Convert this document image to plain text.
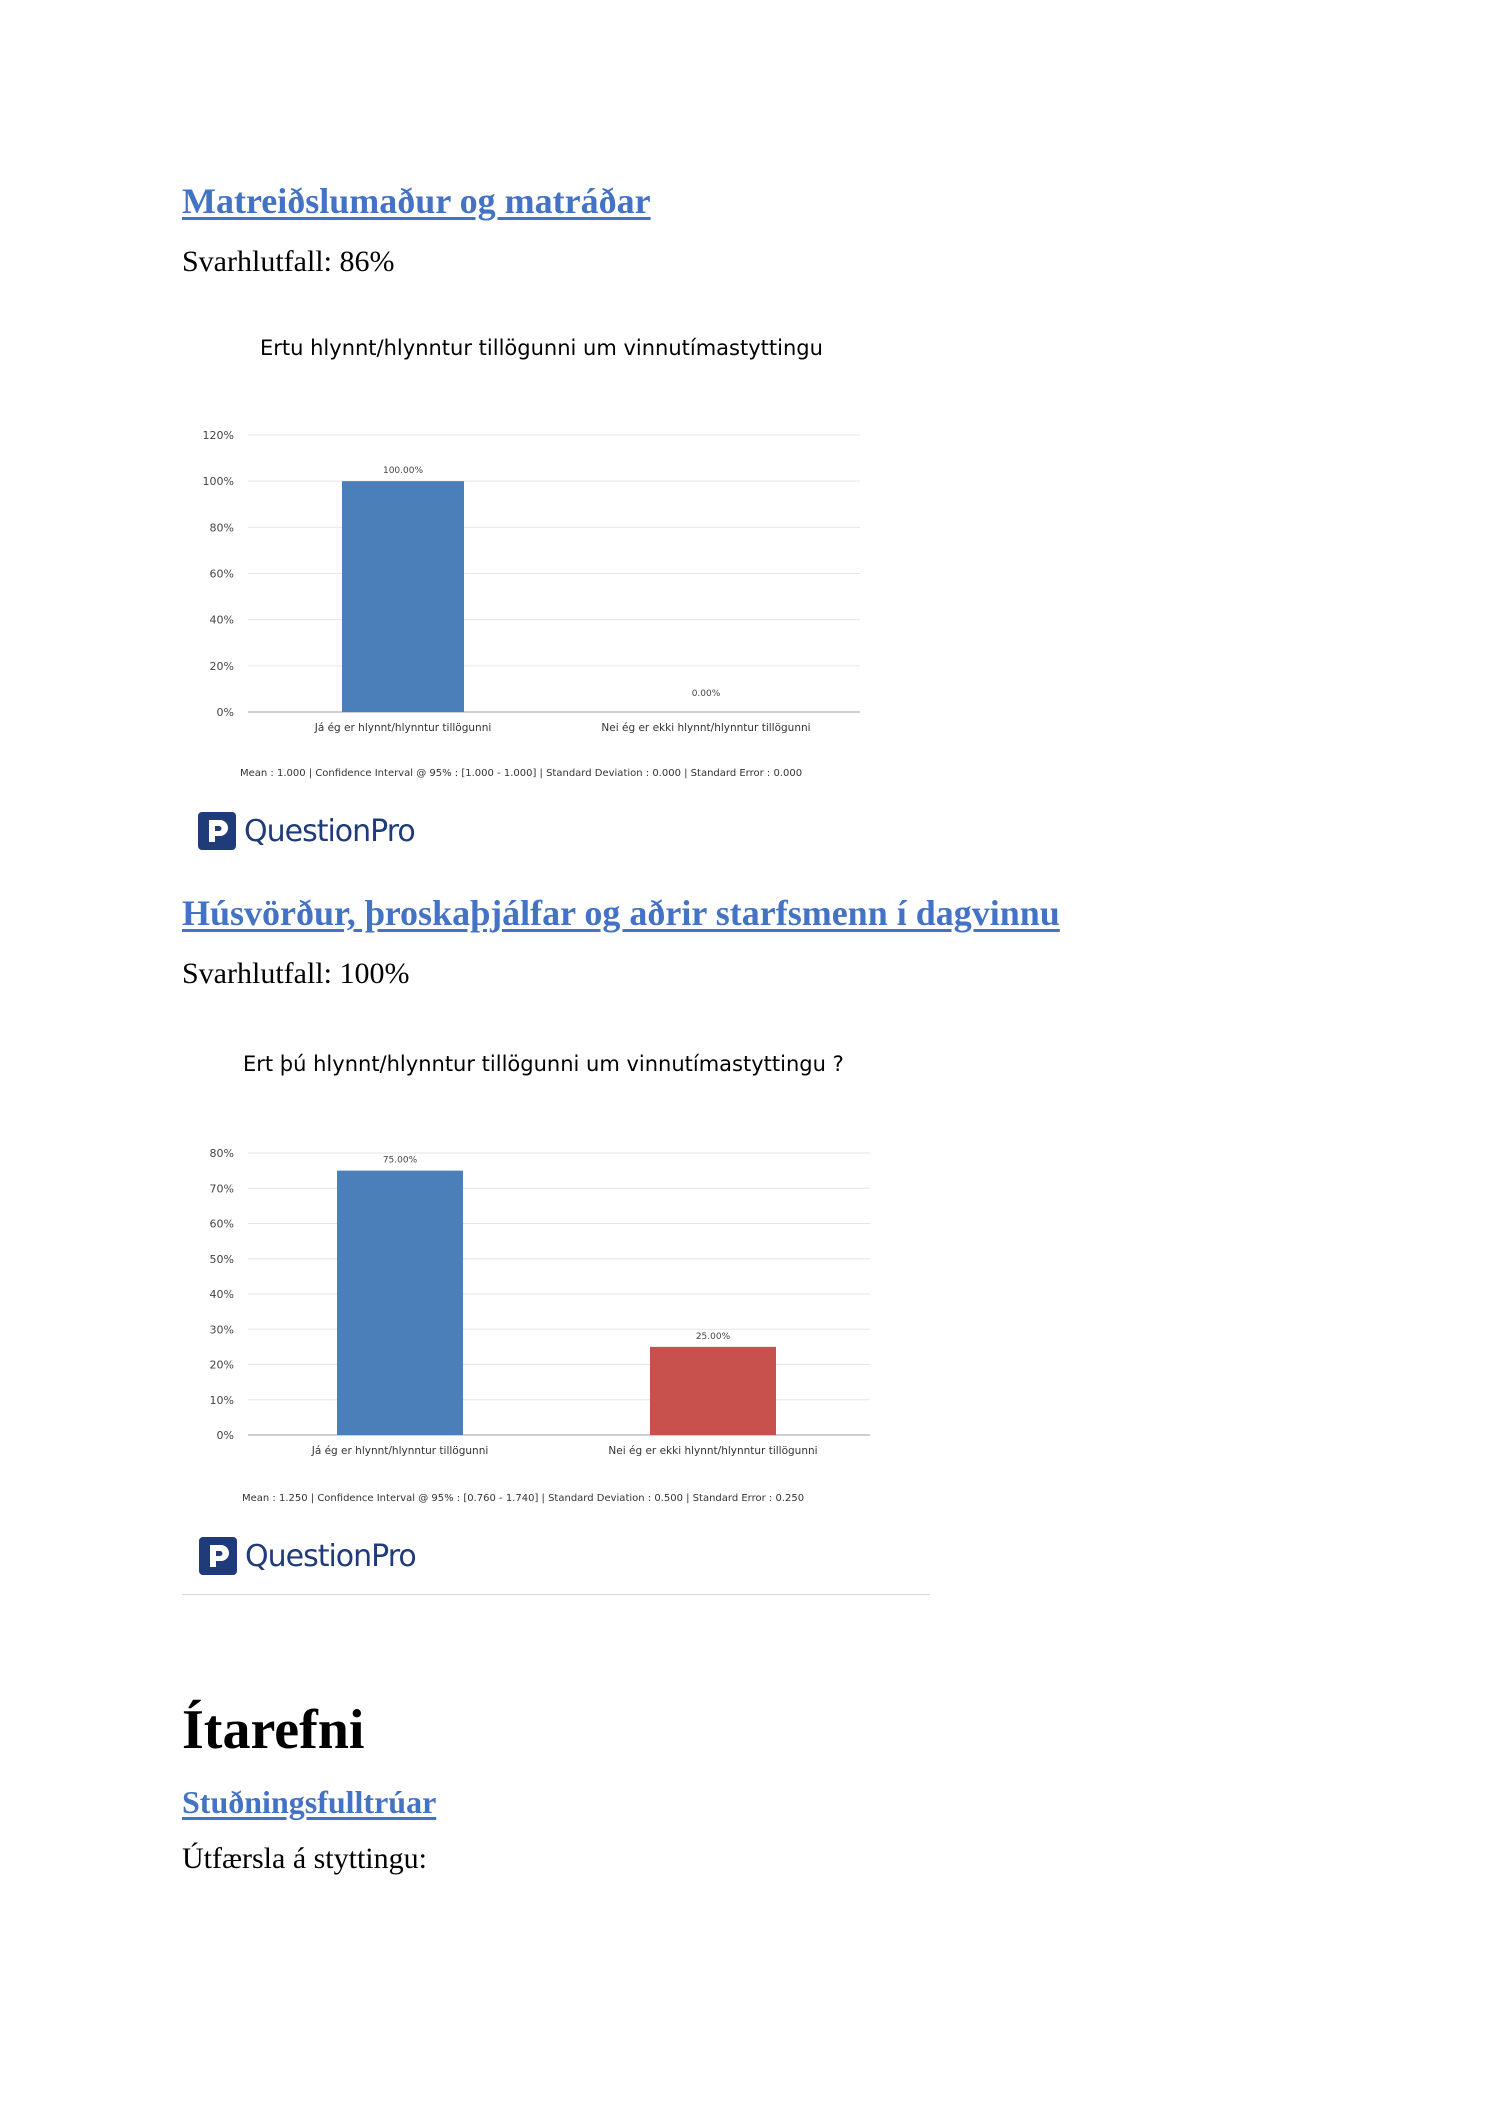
Matreiðslumaður og matráðar
Svarhlutfall: 86%
Ertu hlynnt/hlynntur tillögunni um vinnutímastyttingu
0%
20%
40%
60%
80%
100%
120%
100.00%
Já ég er hlynnt/hlynntur tillögunni
0.00%
Nei ég er ekki hlynnt/hlynntur tillögunni
Mean : 1.000 | Confidence Interval @ 95% : [1.000 - 1.000] | Standard Deviation : 0.000 | Standard Error : 0.000
QuestionPro
Húsvörður, þroskaþjálfar og aðrir starfsmenn í dagvinnu
Svarhlutfall: 100%
Ert þú hlynnt/hlynntur tillögunni um vinnutímastyttingu ?
0%
10%
20%
30%
40%
50%
60%
70%
80%
75.00%
Já ég er hlynnt/hlynntur tillögunni
25.00%
Nei ég er ekki hlynnt/hlynntur tillögunni
Mean : 1.250 | Confidence Interval @ 95% : [0.760 - 1.740] | Standard Deviation : 0.500 | Standard Error : 0.250
QuestionPro
Ítarefni
Stuðningsfulltrúar
Útfærsla á styttingu:
